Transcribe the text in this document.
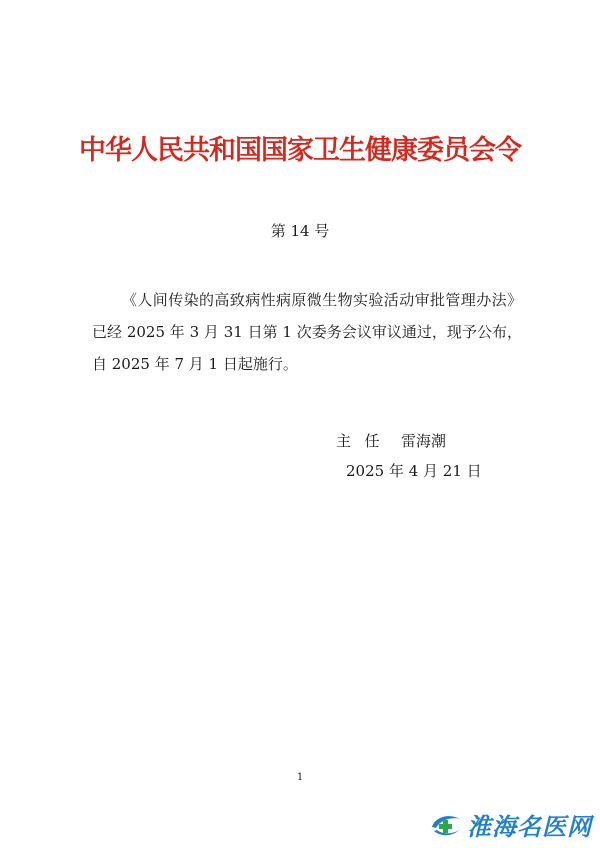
中华人民共和国国家卫生健康委员会令
第 14 号
《人间传染的高致病性病原微生物实验活动审批管理办法》已经 2025 年 3 月 31 日第 1 次委务会议审议通过，现予公布，自 2025 年 7 月 1 日起施行。
主任 雷海潮
2025 年 4 月 21 日
1
淮海名医网
